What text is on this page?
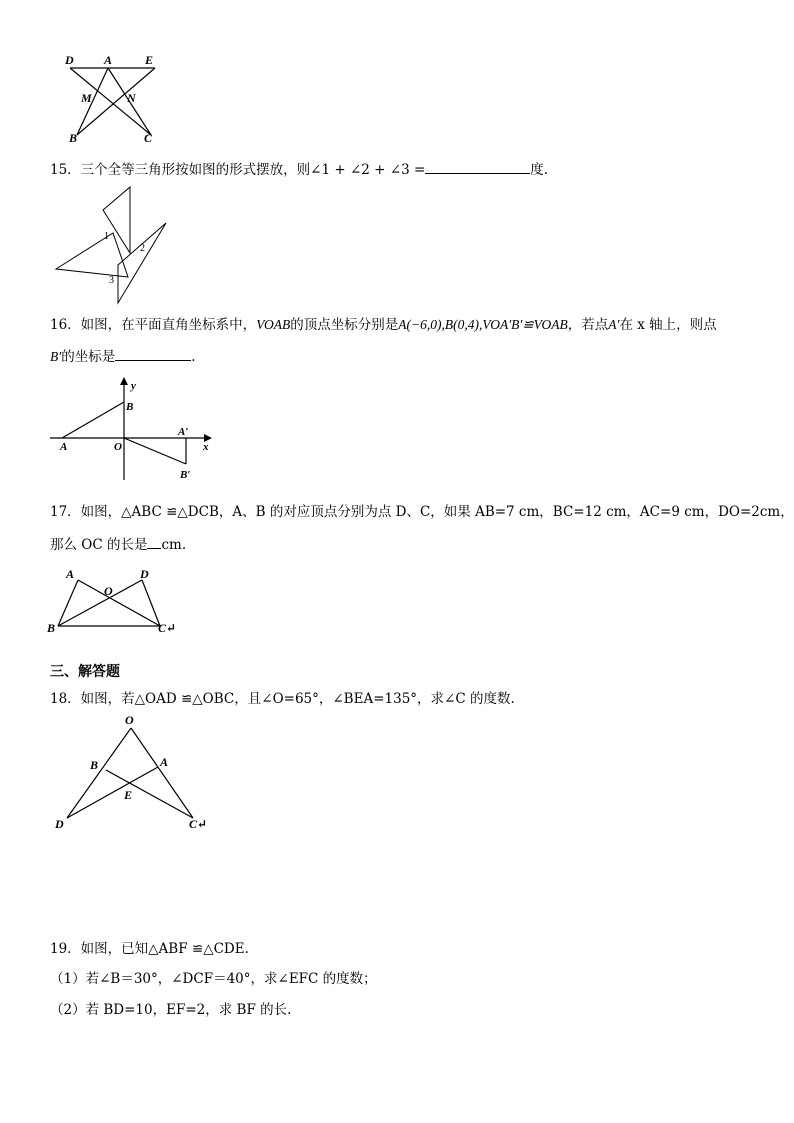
D	A	E
M	N
B	C
15．三个全等三角形按如图的形式摆放，则∠1 + ∠2 + ∠3 =	度.
1
2
3
16．如图，在平面直角坐标系中，VOAB的顶点坐标分别是A(−6,0),B(0,4),VOA′B′≌VOAB，若点A′在 x 轴上，则点
B′的坐标是	.
y
x
B
A	O
A′
B′
17．如图，△ABC ≌△DCB，A、B 的对应顶点分别为点 D、C，如果 AB=7 cm，BC=12 cm，AC=9 cm，DO=2cm，
那么 OC 的长是 cm.
A
O
D
B	C↵
三、解答题
18．如图，若△OAD ≌△OBC，且∠O=65°，∠BEA=135°，求∠C 的度数.
O
B	A
E
D	C↵
19．如图，已知△ABF ≌△CDE.
（1）若∠B＝30°，∠DCF＝40°，求∠EFC 的度数；
（2）若 BD=10，EF=2，求 BF 的长.
